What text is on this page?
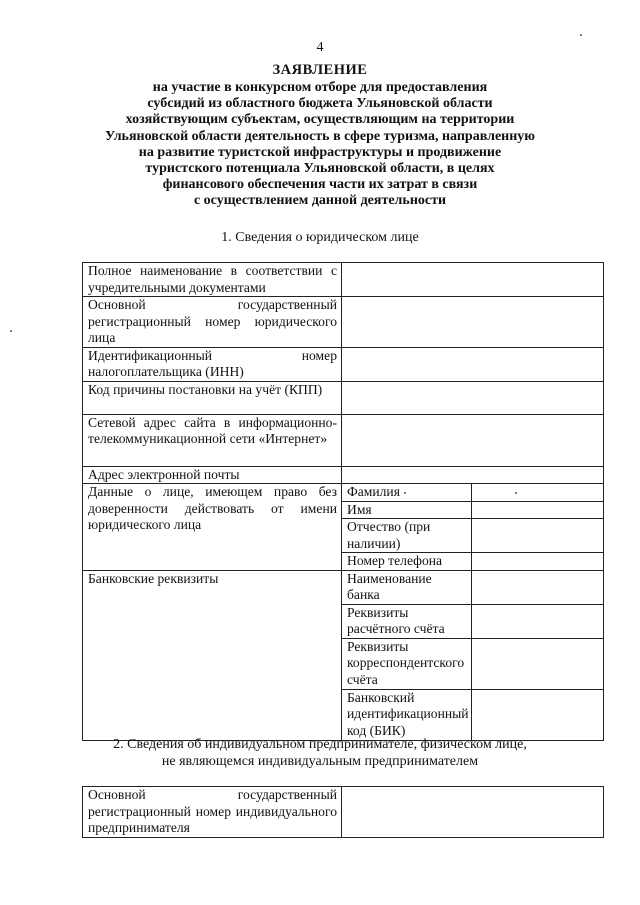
4
ЗАЯВЛЕНИЕ
на участие в конкурсном отборе для предоставления
субсидий из областного бюджета Ульяновской области
хозяйствующим субъектам, осуществляющим на территории
Ульяновской области деятельность в сфере туризма, направленную
на развитие туристской инфраструктуры и продвижение
туристского потенциала Ульяновской области, в целях
финансового обеспечения части их затрат в связи
с осуществлением данной деятельности
1. Сведения о юридическом лице
Полное наименование в соответствии с учредительными документами		
Основной государственный регистрационный номер юридического лица		
Идентификационный номер налогоплательщика (ИНН)		
Код причины постановки на учёт (КПП)		
Сетевой адрес сайта в информационно-телекоммуникационной сети «Интернет»		
Адрес электронной почты		
Данные о лице, имеющем право без доверенности действовать от имени юридического лица	Фамилия	
	Имя	
	Отчество (при наличии)	
	Номер телефона	
Банковские реквизиты	Наименование банка	
	Реквизиты расчётного счёта	
	Реквизиты корреспондентского счёта	
	Банковский идентификационный код (БИК)	
2. Сведения об индивидуальном предпринимателе, физическом лице,
не являющемся индивидуальным предпринимателем
Основной государственный регистрационный номер индивидуального предпринимателя	
